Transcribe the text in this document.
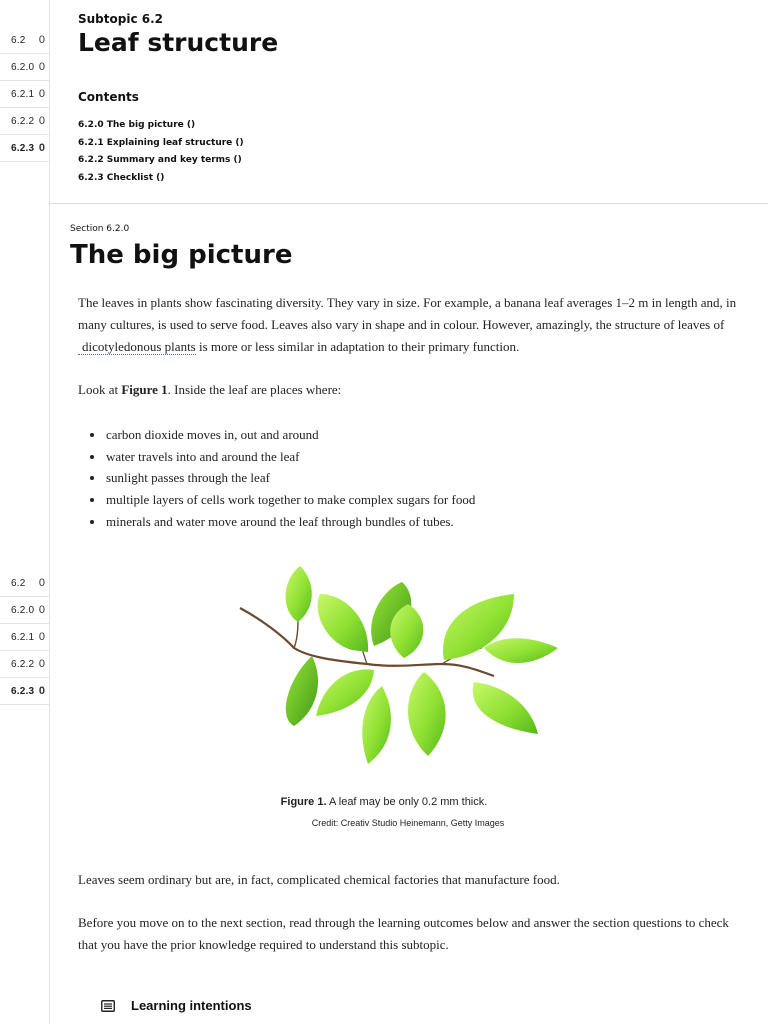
6.2 0
6.2.0 0
6.2.1 0
6.2.2 0
6.2.3 0
6.2 0
6.2.0 0
6.2.1 0
6.2.2 0
6.2.3 0
Subtopic 6.2
Leaf structure
Contents
6.2.0 The big picture ()
6.2.1 Explaining leaf structure ()
6.2.2 Summary and key terms ()
6.2.3 Checklist ()
Section 6.2.0
The big picture

The leaves in plants show fascinating diversity. They vary in size. For example, a banana leaf averages 1–2 m in length and, in many cultures, is used to serve food. Leaves also vary in shape and in colour. However, amazingly, the structure of leaves of dicotyledonous plants is more or less similar in adaptation to their primary function.

Look at Figure 1. Inside the leaf are places where:

• carbon dioxide moves in, out and around
• water travels into and around the leaf
• sunlight passes through the leaf
• multiple layers of cells work together to make complex sugars for food
• minerals and water move around the leaf through bundles of tubes.
Figure 1. A leaf may be only 0.2 mm thick.
Credit: Creativ Studio Heinemann, Getty Images

Leaves seem ordinary but are, in fact, complicated chemical factories that manufacture food.

Before you move on to the next section, read through the learning outcomes below and answer the section questions to check that you have the prior knowledge required to understand this subtopic.

Learning intentions
